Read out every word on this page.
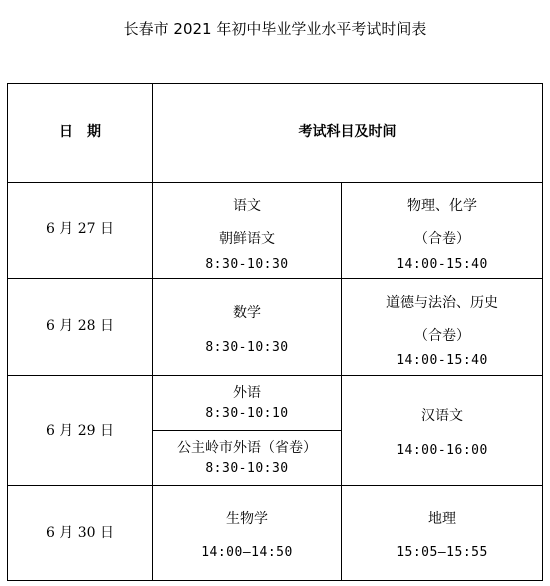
长春市 2021 年初中毕业学业水平考试时间表
日　期	考试科目及时间
6 月 27 日
语文
朝鲜语文
8:30-10:30
物理、化学
（合卷）
14:00-15:40
6 月 28 日
数学
8:30-10:30
道德与法治、历史
（合卷）
14:00-15:40
6 月 29 日
外语
8:30-10:10
公主岭市外语（省卷）
8:30-10:30
汉语文
14:00-16:00
6 月 30 日
生物学
14:00—14:50
地理
15:05—15:55
